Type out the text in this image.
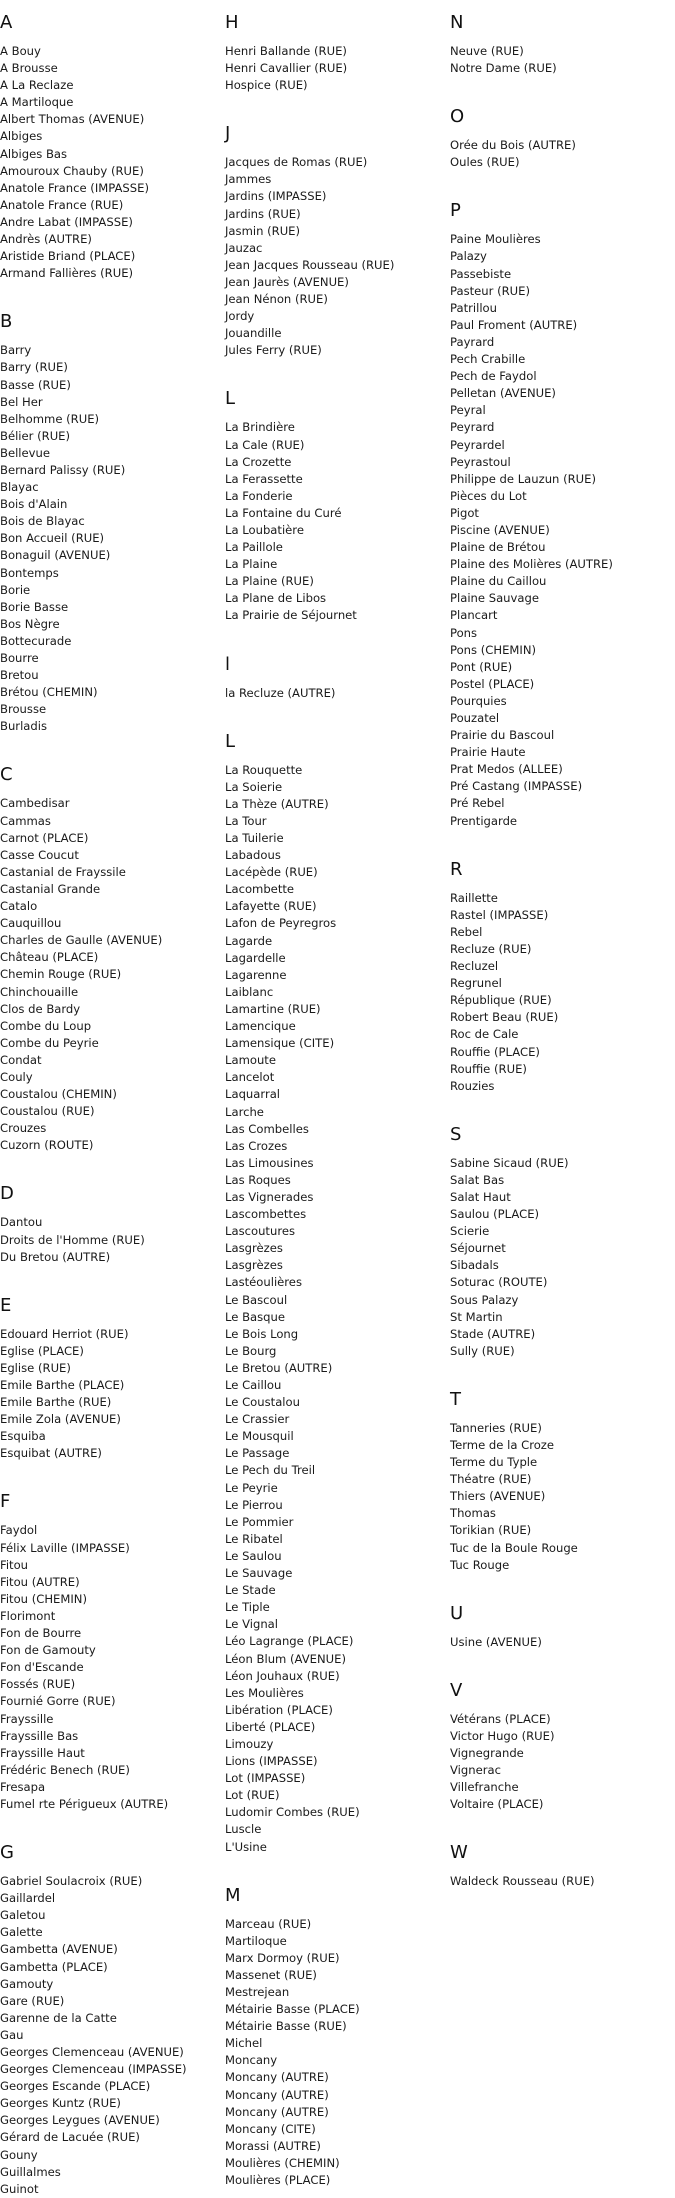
A
A Bouy
A Brousse
A La Reclaze
A Martiloque
Albert Thomas (AVENUE)
Albiges
Albiges Bas
Amouroux Chauby (RUE)
Anatole France (IMPASSE)
Anatole France (RUE)
Andre Labat (IMPASSE)
Andrès (AUTRE)
Aristide Briand (PLACE)
Armand Fallières (RUE)
B
Barry
Barry (RUE)
Basse (RUE)
Bel Her
Belhomme (RUE)
Bélier (RUE)
Bellevue
Bernard Palissy (RUE)
Blayac
Bois d'Alain
Bois de Blayac
Bon Accueil (RUE)
Bonaguil (AVENUE)
Bontemps
Borie
Borie Basse
Bos Nègre
Bottecurade
Bourre
Bretou
Brétou (CHEMIN)
Brousse
Burladis
C
Cambedisar
Cammas
Carnot (PLACE)
Casse Coucut
Castanial de Frayssile
Castanial Grande
Catalo
Cauquillou
Charles de Gaulle (AVENUE)
Château (PLACE)
Chemin Rouge (RUE)
Chinchouaille
Clos de Bardy
Combe du Loup
Combe du Peyrie
Condat
Couly
Coustalou (CHEMIN)
Coustalou (RUE)
Crouzes
Cuzorn (ROUTE)
D
Dantou
Droits de l'Homme (RUE)
Du Bretou (AUTRE)
E
Edouard Herriot (RUE)
Eglise (PLACE)
Eglise (RUE)
Emile Barthe (PLACE)
Emile Barthe (RUE)
Emile Zola (AVENUE)
Esquiba
Esquibat (AUTRE)
F
Faydol
Félix Laville (IMPASSE)
Fitou
Fitou (AUTRE)
Fitou (CHEMIN)
Florimont
Fon de Bourre
Fon de Gamouty
Fon d'Escande
Fossés (RUE)
Fournié Gorre (RUE)
Frayssille
Frayssille Bas
Frayssille Haut
Frédéric Benech (RUE)
Fresapa
Fumel rte Périgueux (AUTRE)
G
Gabriel Soulacroix (RUE)
Gaillardel
Galetou
Galette
Gambetta (AVENUE)
Gambetta (PLACE)
Gamouty
Gare (RUE)
Garenne de la Catte
Gau
Georges Clemenceau (AVENUE)
Georges Clemenceau (IMPASSE)
Georges Escande (PLACE)
Georges Kuntz (RUE)
Georges Leygues (AVENUE)
Gérard de Lacuée (RUE)
Gouny
Guillalmes
Guinot
H
Henri Ballande (RUE)
Henri Cavallier (RUE)
Hospice (RUE)
J
Jacques de Romas (RUE)
Jammes
Jardins (IMPASSE)
Jardins (RUE)
Jasmin (RUE)
Jauzac
Jean Jacques Rousseau (RUE)
Jean Jaurès (AVENUE)
Jean Nénon (RUE)
Jordy
Jouandille
Jules Ferry (RUE)
L
La Brindière
La Cale (RUE)
La Crozette
La Ferassette
La Fonderie
La Fontaine du Curé
La Loubatière
La Paillole
La Plaine
La Plaine (RUE)
La Plane de Libos
La Prairie de Séjournet
l
la Recluze (AUTRE)
L
La Rouquette
La Soierie
La Thèze (AUTRE)
La Tour
La Tuilerie
Labadous
Lacépède (RUE)
Lacombette
Lafayette (RUE)
Lafon de Peyregros
Lagarde
Lagardelle
Lagarenne
Laiblanc
Lamartine (RUE)
Lamencique
Lamensique (CITE)
Lamoute
Lancelot
Laquarral
Larche
Las Combelles
Las Crozes
Las Limousines
Las Roques
Las Vignerades
Lascombettes
Lascoutures
Lasgrèzes
Lasgrèzes
Lastéoulières
Le Bascoul
Le Basque
Le Bois Long
Le Bourg
Le Bretou (AUTRE)
Le Caillou
Le Coustalou
Le Crassier
Le Mousquil
Le Passage
Le Pech du Treil
Le Peyrie
Le Pierrou
Le Pommier
Le Ribatel
Le Saulou
Le Sauvage
Le Stade
Le Tiple
Le Vignal
Léo Lagrange (PLACE)
Léon Blum (AVENUE)
Léon Jouhaux (RUE)
Les Moulières
Libération (PLACE)
Liberté (PLACE)
Limouzy
Lions (IMPASSE)
Lot (IMPASSE)
Lot (RUE)
Ludomir Combes (RUE)
Luscle
L'Usine
M
Marceau (RUE)
Martiloque
Marx Dormoy (RUE)
Massenet (RUE)
Mestrejean
Métairie Basse (PLACE)
Métairie Basse (RUE)
Michel
Moncany
Moncany (AUTRE)
Moncany (AUTRE)
Moncany (AUTRE)
Moncany (CITE)
Morassi (AUTRE)
Moulières (CHEMIN)
Moulières (PLACE)
N
Neuve (RUE)
Notre Dame (RUE)
O
Orée du Bois (AUTRE)
Oules (RUE)
P
Paine Moulières
Palazy
Passebiste
Pasteur (RUE)
Patrillou
Paul Froment (AUTRE)
Payrard
Pech Crabille
Pech de Faydol
Pelletan (AVENUE)
Peyral
Peyrard
Peyrardel
Peyrastoul
Philippe de Lauzun (RUE)
Pièces du Lot
Pigot
Piscine (AVENUE)
Plaine de Brétou
Plaine des Molières (AUTRE)
Plaine du Caillou
Plaine Sauvage
Plancart
Pons
Pons (CHEMIN)
Pont (RUE)
Postel (PLACE)
Pourquies
Pouzatel
Prairie du Bascoul
Prairie Haute
Prat Medos (ALLEE)
Pré Castang (IMPASSE)
Pré Rebel
Prentigarde
R
Raillette
Rastel (IMPASSE)
Rebel
Recluze (RUE)
Recluzel
Regrunel
République (RUE)
Robert Beau (RUE)
Roc de Cale
Rouffie (PLACE)
Rouffie (RUE)
Rouzies
S
Sabine Sicaud (RUE)
Salat Bas
Salat Haut
Saulou (PLACE)
Scierie
Séjournet
Sibadals
Soturac (ROUTE)
Sous Palazy
St Martin
Stade (AUTRE)
Sully (RUE)
T
Tanneries (RUE)
Terme de la Croze
Terme du Typle
Théatre (RUE)
Thiers (AVENUE)
Thomas
Torikian (RUE)
Tuc de la Boule Rouge
Tuc Rouge
U
Usine (AVENUE)
V
Vétérans (PLACE)
Victor Hugo (RUE)
Vignegrande
Vignerac
Villefranche
Voltaire (PLACE)
W
Waldeck Rousseau (RUE)
